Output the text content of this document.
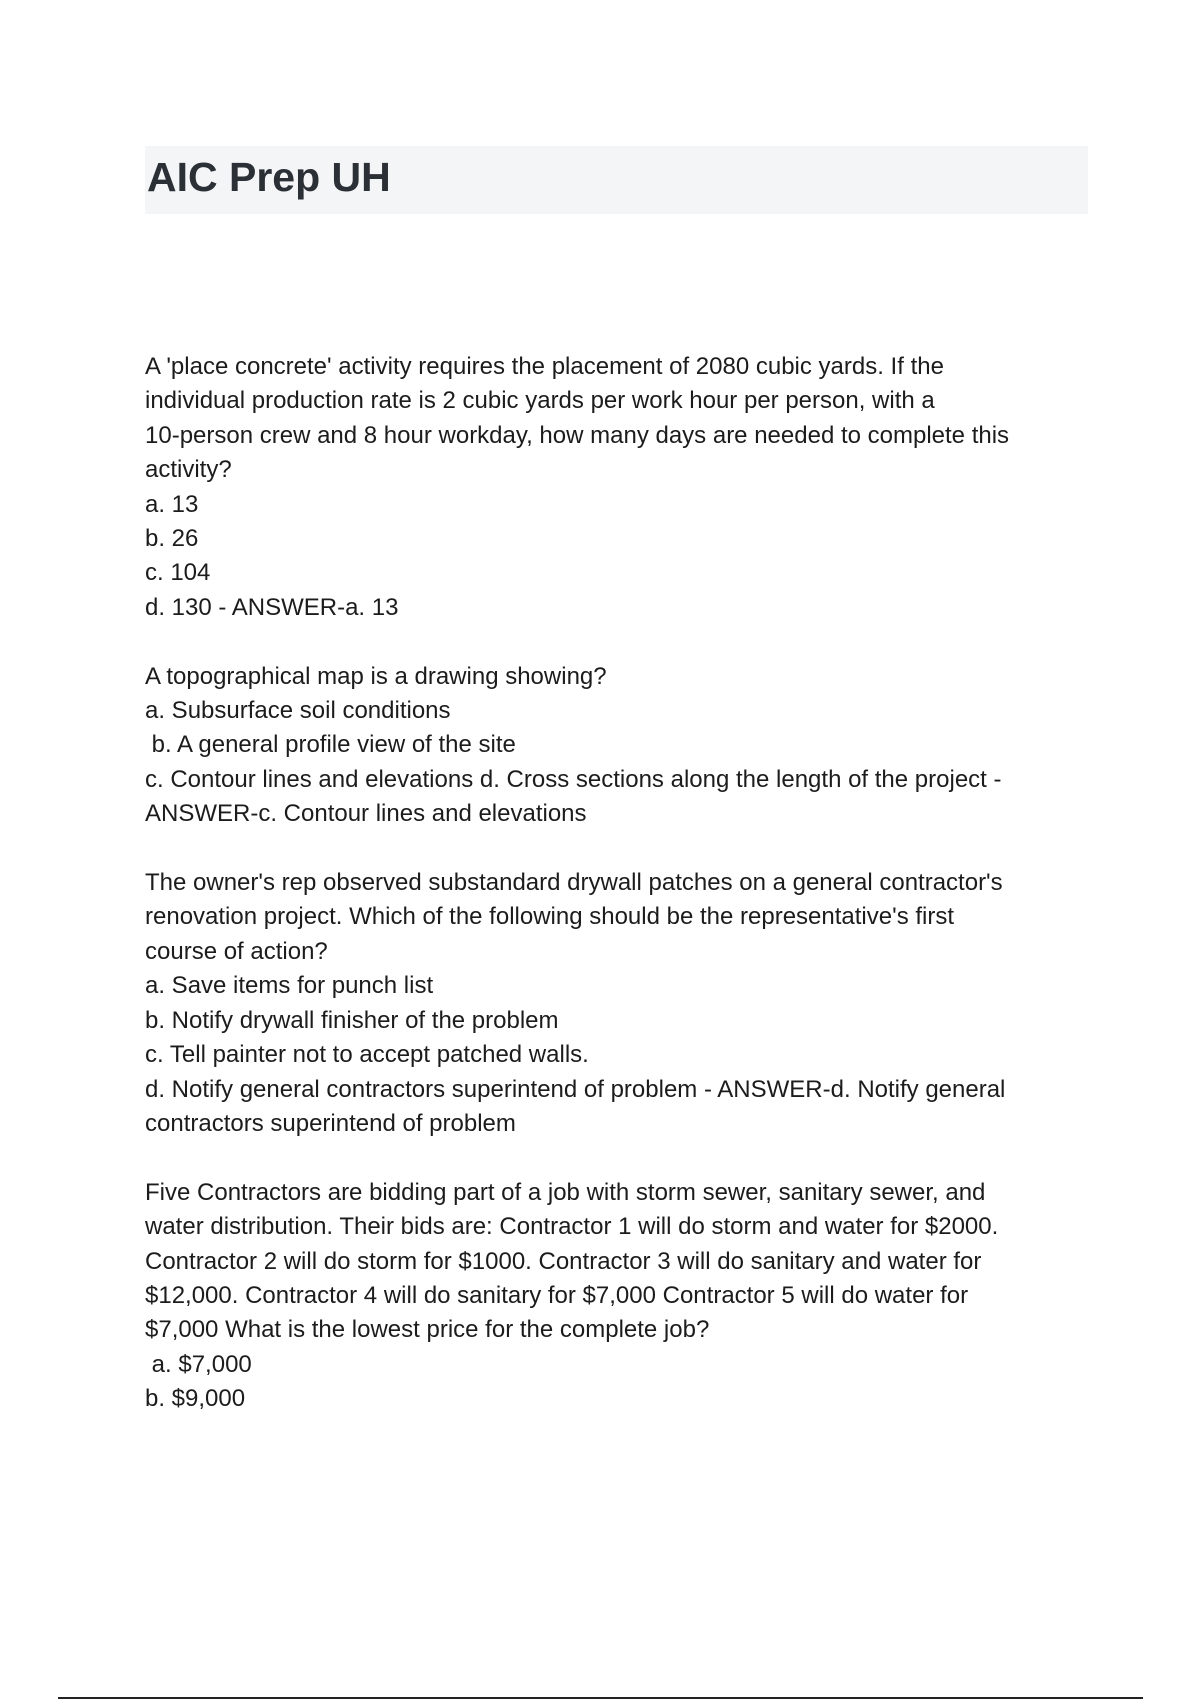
AIC Prep UH

A 'place concrete' activity requires the placement of 2080 cubic yards. If the

individual production rate is 2 cubic yards per work hour per person, with a

10-person crew and 8 hour workday, how many days are needed to complete this

activity?

a. 13

b. 26

c. 104

d. 130 - ANSWER-a. 13

A topographical map is a drawing showing?

a. Subsurface soil conditions

b. A general profile view of the site

c. Contour lines and elevations d. Cross sections along the length of the project -

ANSWER-c. Contour lines and elevations

The owner's rep observed substandard drywall patches on a general contractor's

renovation project. Which of the following should be the representative's first

course of action?

a. Save items for punch list

b. Notify drywall finisher of the problem

c. Tell painter not to accept patched walls.

d. Notify general contractors superintend of problem - ANSWER-d. Notify general

contractors superintend of problem

Five Contractors are bidding part of a job with storm sewer, sanitary sewer, and

water distribution. Their bids are: Contractor 1 will do storm and water for $2000.

Contractor 2 will do storm for $1000. Contractor 3 will do sanitary and water for

$12,000. Contractor 4 will do sanitary for $7,000 Contractor 5 will do water for

$7,000 What is the lowest price for the complete job?

a. $7,000

b. $9,000
